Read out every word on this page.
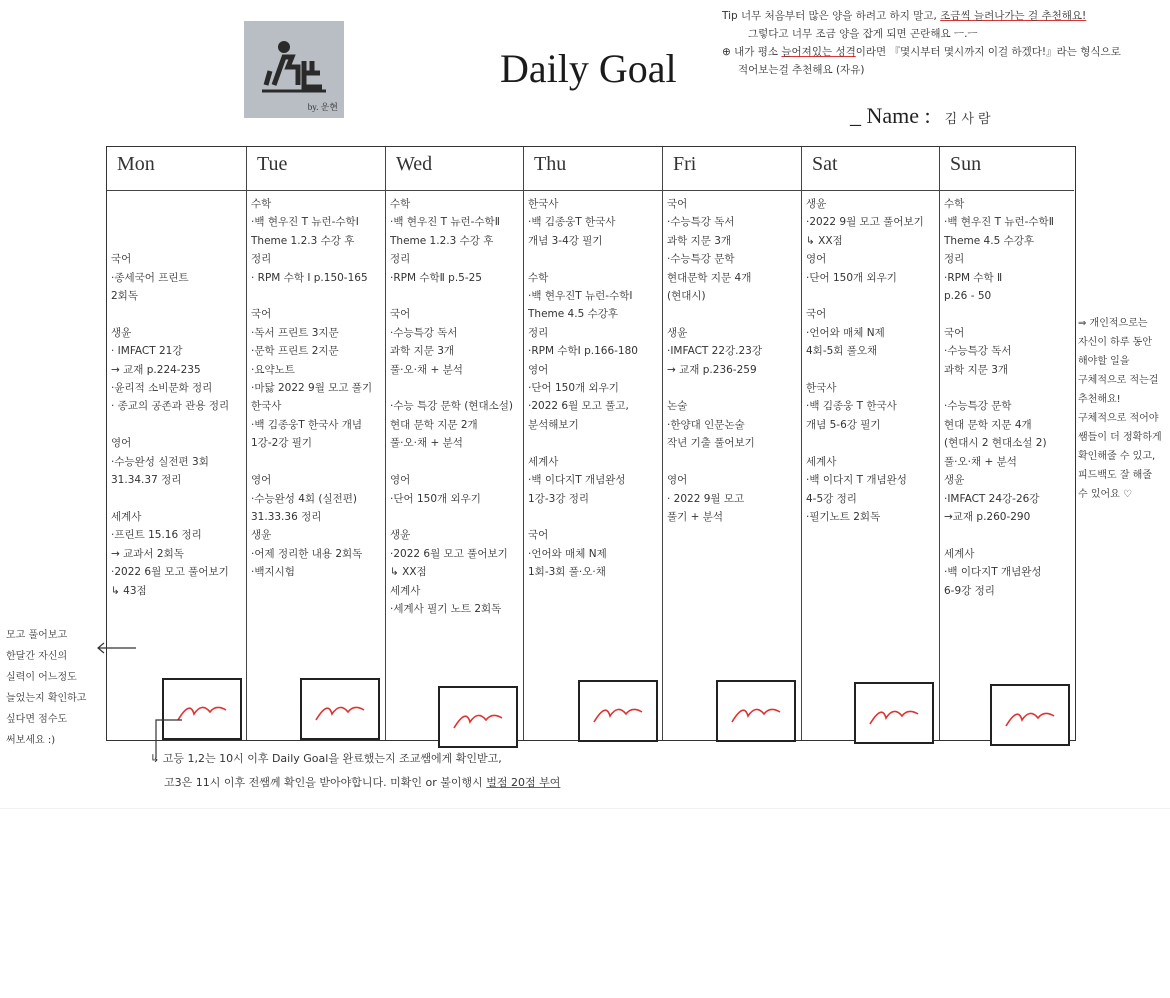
by. 운현
Daily Goal

Tip 너무 처음부터 많은 양을 하려고 하지 말고, 조금씩 늘려나가는 걸 추천해요!

그렇다고 너무 조금 양을 잡게 되면 곤란해요 ㅡ.ㅡ

⊕ 내가 평소 늘어져있는 성격이라면 『몇시부터 몇시까지 이걸 하겠다!』라는 형식으로

적어보는걸 추천해요 (자유)

_ Name : 김 사 람
Mon

국어
·종세국어 프린트
2회독

생윤
· IMFACT 21강
→ 교재 p.224-235
·윤리적 소비문화 정리
· 종교의 공존과 관용 정리

영어
·수능완성 실전편 3회
31.34.37 정리

세계사
·프린트 15.16 정리
→ 교과서 2회독
·2022 6월 모고 풀어보기
↳ 43점
Tue
수학
·백 현우진 T 뉴런-수학Ⅰ
Theme 1.2.3 수강 후
정리
· RPM 수학 Ⅰ p.150-165

국어
·독서 프린트 3지문
·문학 프린트 2지문
·요약노트
·마닳 2022 9월 모고 풀기
한국사
·백 김종웅T 한국사 개념
1강-2강 필기

영어
·수능완성 4회 (실전편)
31.33.36 정리
생윤
·어제 정리한 내용 2회독
·백지시험
Wed
수학
·백 현우진 T 뉴런-수학Ⅱ
Theme 1.2.3 수강 후
정리
·RPM 수학Ⅱ p.5-25

국어
·수능특강 독서
과학 지문 3개
풀·오·채 + 분석

·수능 특강 문학 (현대소설)
현대 문학 지문 2개
풀·오·채 + 분석

영어
·단어 150개 외우기

생윤
·2022 6월 모고 풀어보기
↳ XX점
세계사
·세계사 필기 노트 2회독
Thu
한국사
·백 김종웅T 한국사
개념 3-4강 필기

수학
·백 현우진T 뉴런-수학Ⅰ
Theme 4.5 수강후
정리
·RPM 수학Ⅰ p.166-180
영어
·단어 150개 외우기
·2022 6월 모고 풀고,
분석해보기

세계사
·백 이다지T 개념완성
1강-3강 정리

국어
·언어와 매체 N제
1회-3회 풀·오·채
Fri
국어
·수능특강 독서
과학 지문 3개
·수능특강 문학
현대문학 지문 4개
(현대시)

생윤
·IMFACT 22강.23강
→ 교재 p.236-259

논술
·한양대 인문논술
작년 기출 풀어보기

영어
· 2022 9월 모고
풀기 + 분석
Sat
생윤
·2022 9월 모고 풀어보기
↳ XX점
영어
·단어 150개 외우기

국어
·언어와 매체 N제
4회-5회 풀오채

한국사
·백 김종웅 T 한국사
개념 5-6강 필기

세계사
·백 이다지 T 개념완성
4-5강 정리
·필기노트 2회독
Sun
수학
·백 현우진 T 뉴런-수학Ⅱ
Theme 4.5 수강후
정리
·RPM 수학 Ⅱ
p.26 - 50

국어
·수능특강 독서
과학 지문 3개

·수능특강 문학
현대 문학 지문 4개
(현대시 2 현대소설 2)
풀·오·채 + 분석
생윤
·IMFACT 24강-26강
→교재 p.260-290

세계사
·백 이다지T 개념완성
6-9강 정리
⇒ 개인적으로는
자신이 하루 동안
해야할 일을
구체적으로 적는걸
추천해요!
구체적으로 적어야
쌤들이 더 정확하게
확인해줄 수 있고,
피드백도 잘 해줄
수 있어요 ♡
모고 풀어보고
한달간 자신의
실력이 어느정도
늘었는지 확인하고
싶다면 점수도
써보세요 :)
↳ 고등 1,2는 10시 이후 Daily Goal을 완료했는지 조교쌤에게 확인받고,
고3은 11시 이후 전쌤께 확인을 받아야합니다. 미확인 or 불이행시 벌점 20점 부여
